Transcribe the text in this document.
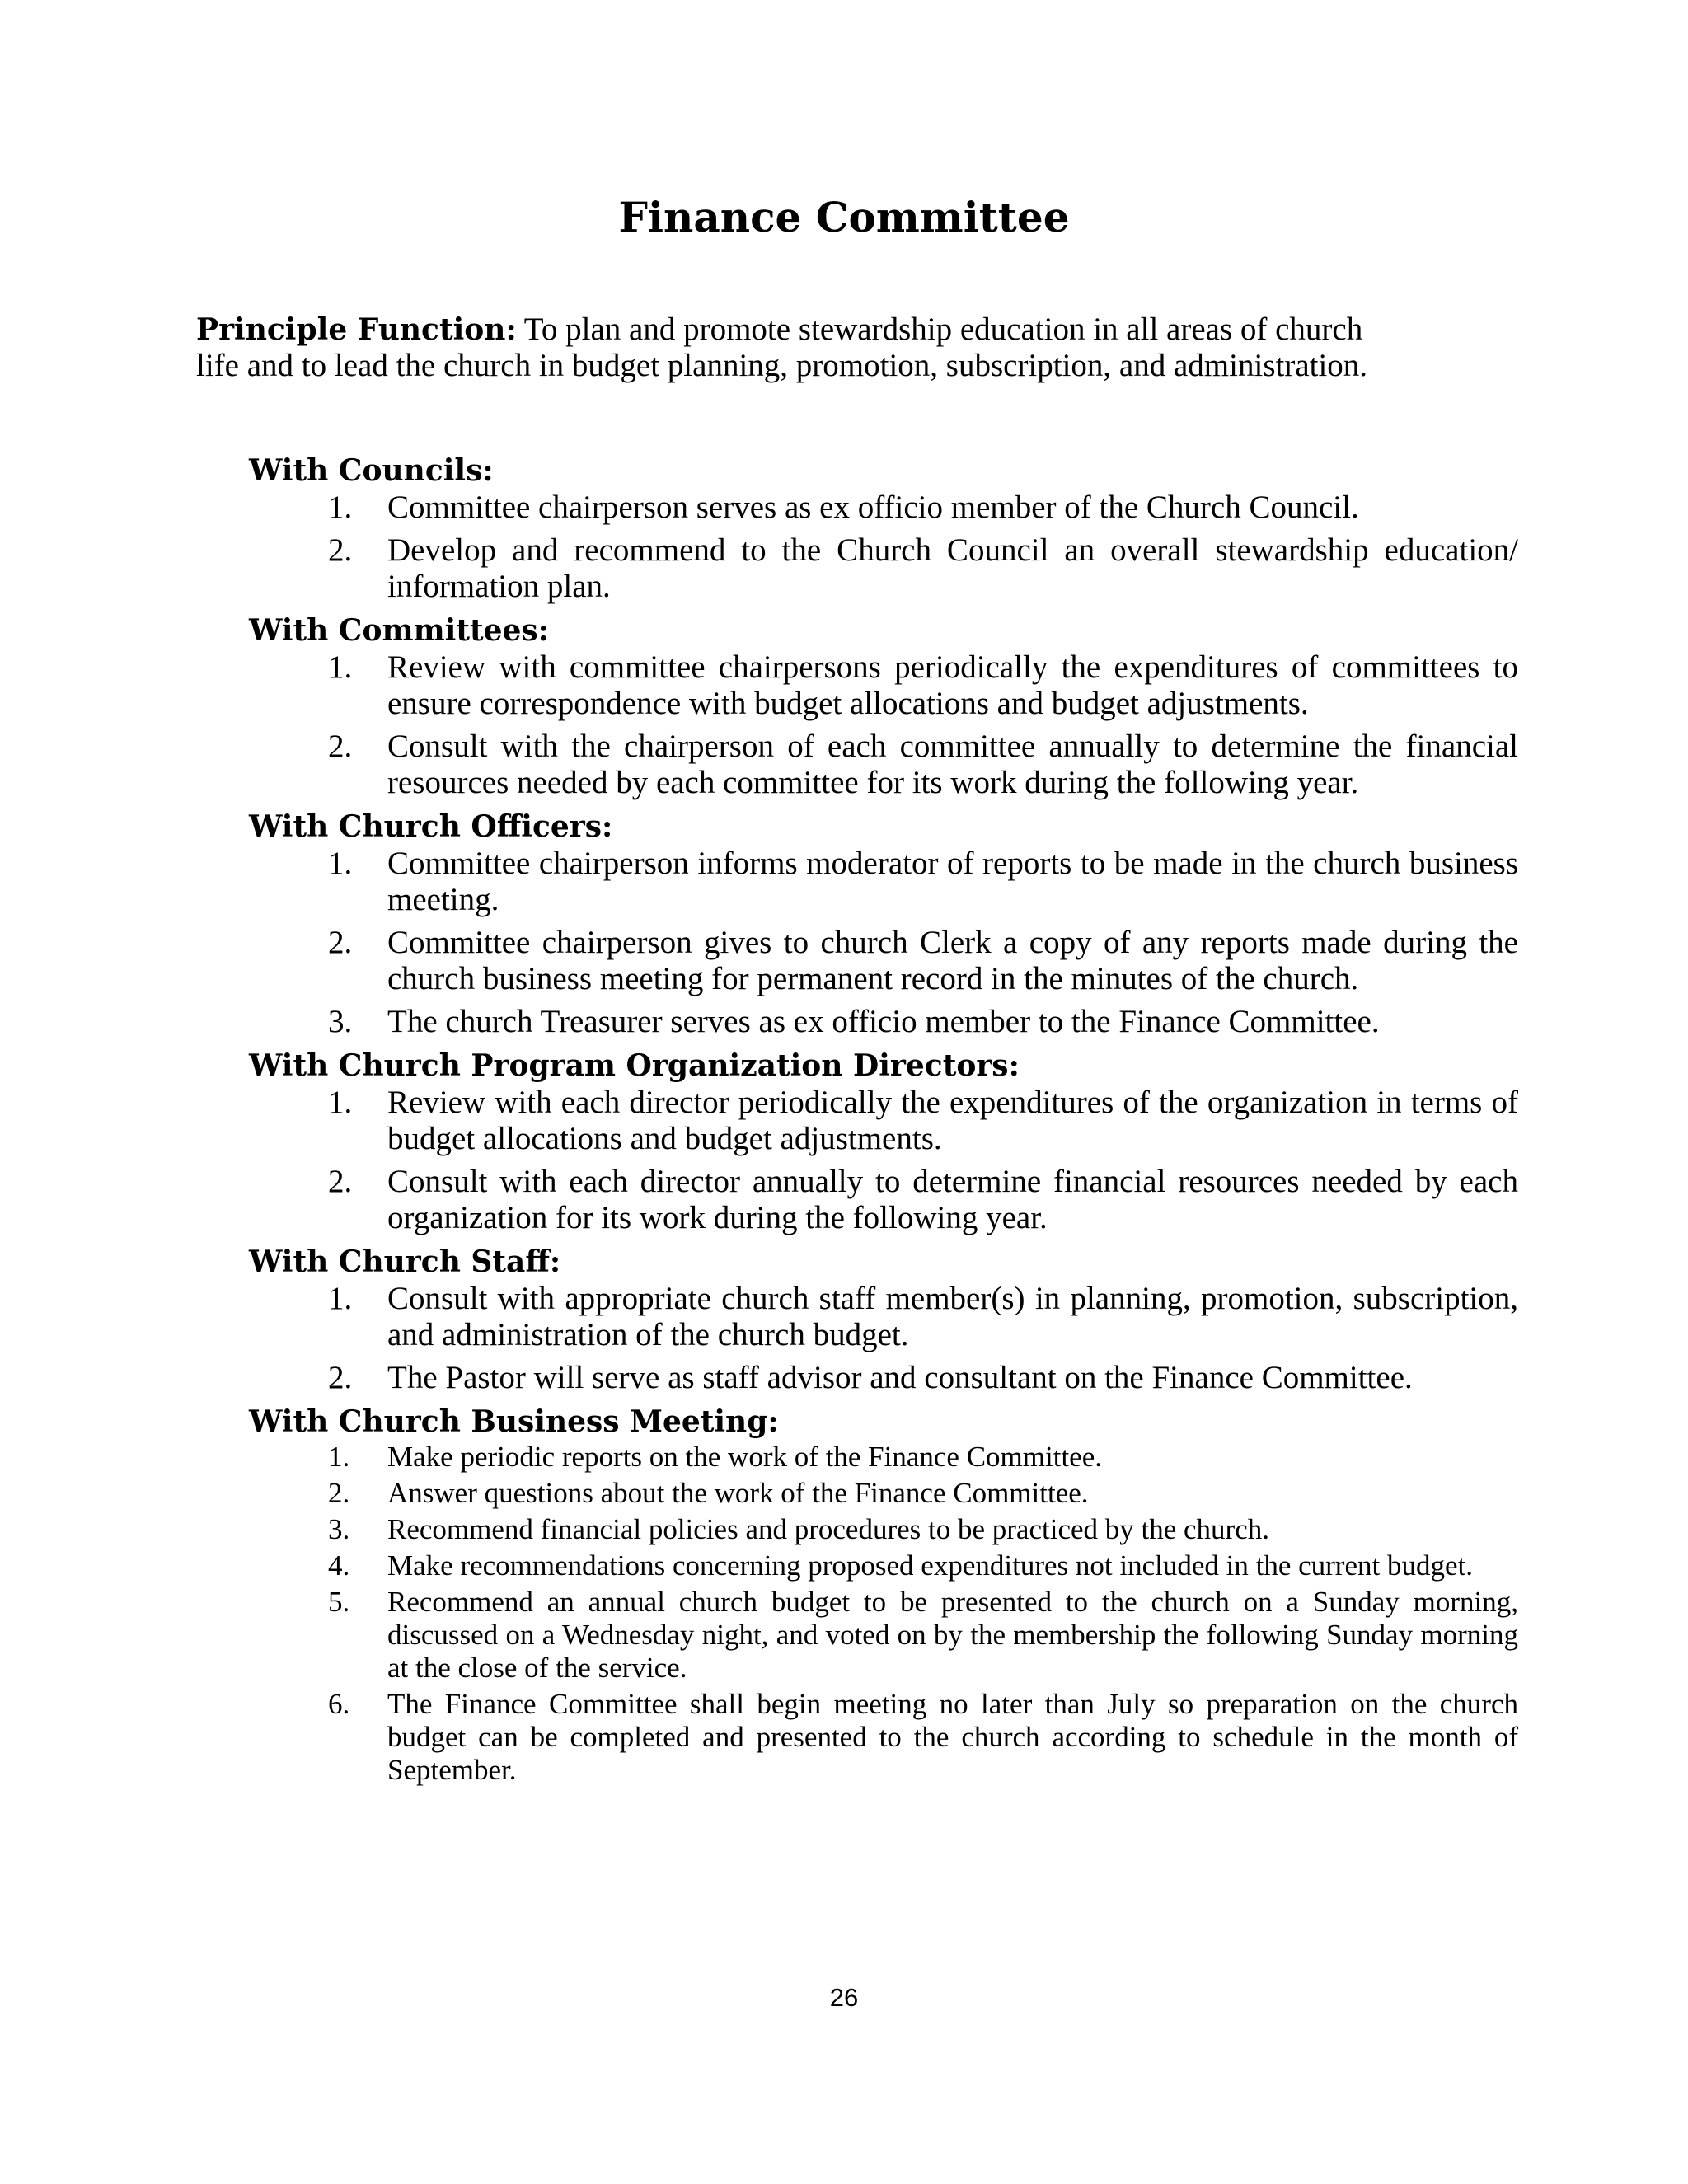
Finance Committee

Principle Function: To plan and promote stewardship education in all areas of church life and to lead the church in budget planning, promotion, subscription, and administration.

With Councils:
1.	Committee chairperson serves as ex officio member of the Church Council.
2.	Develop and recommend to the Church Council an overall stewardship education/ information plan.
With Committees:
1.	Review with committee chairpersons periodically the expenditures of committees to ensure correspondence with budget allocations and budget adjustments.
2.	Consult with the chairperson of each committee annually to determine the financial resources needed by each committee for its work during the following year.
With Church Officers:
1.	Committee chairperson informs moderator of reports to be made in the church business meeting.
2.	Committee chairperson gives to church Clerk a copy of any reports made during the church business meeting for permanent record in the minutes of the church.
3.	The church Treasurer serves as ex officio member to the Finance Committee.
With Church Program Organization Directors:
1.	Review with each director periodically the expenditures of the organization in terms of budget allocations and budget adjustments.
2.	Consult with each director annually to determine financial resources needed by each organization for its work during the following year.
With Church Staff:
1.	Consult with appropriate church staff member(s) in planning, promotion, subscription, and administration of the church budget.
2.	The Pastor will serve as staff advisor and consultant on the Finance Committee.
With Church Business Meeting:
1.	Make periodic reports on the work of the Finance Committee.
2.	Answer questions about the work of the Finance Committee.
3.	Recommend financial policies and procedures to be practiced by the church.
4.	Make recommendations concerning proposed expenditures not included in the current budget.
5.	Recommend an annual church budget to be presented to the church on a Sunday morning, discussed on a Wednesday night, and voted on by the membership the following Sunday morning at the close of the service.
6.	The Finance Committee shall begin meeting no later than July so preparation on the church budget can be completed and presented to the church according to schedule in the month of September.

26
